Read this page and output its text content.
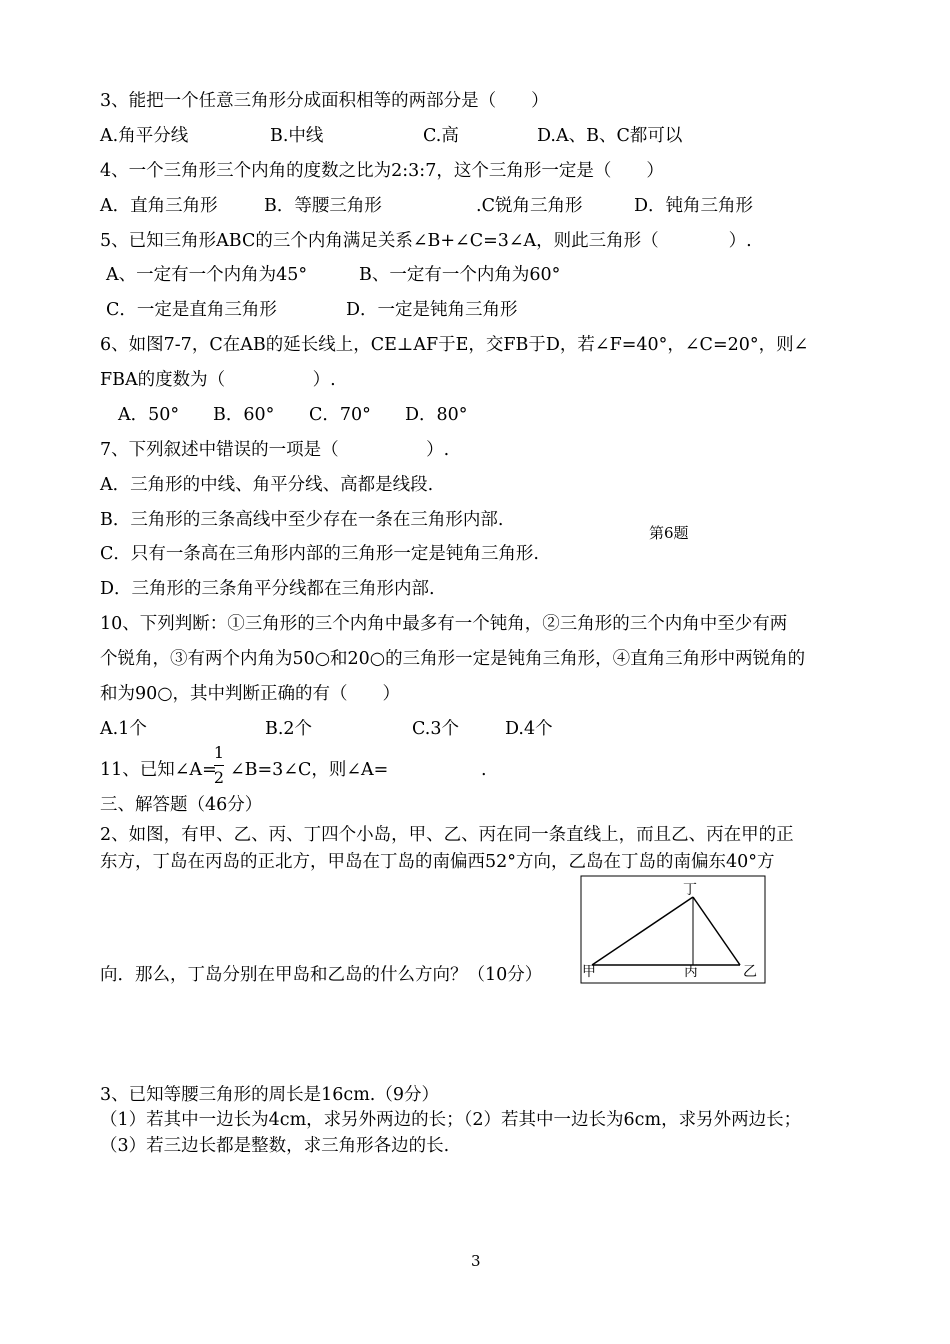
3、能把一个任意三角形分成面积相等的两部分是（　　）
A.角平分线	B.中线	C.高	D.A、B、C都可以
4、一个三角形三个内角的度数之比为2:3:7，这个三角形一定是（　　）
A．直角三角形	B．等腰三角形	.C锐角三角形	D．钝角三角形
5、已知三角形ABC的三个内角满足关系∠B+∠C=3∠A，则此三角形（　　　　）.
A、一定有一个内角为45°	B、一定有一个内角为60°
C．一定是直角三角形	D．一定是钝角三角形
6、如图7-7，C在AB的延长线上，CE⊥AF于E，交FB于D，若∠F=40°，∠C=20°，则∠
FBA的度数为（　　　　　）.
A．50° B．60° C．70° D．80°
7、下列叙述中错误的一项是（　　　　　）.
A．三角形的中线、角平分线、高都是线段.
B．三角形的三条高线中至少存在一条在三角形内部.
第6题
C．只有一条高在三角形内部的三角形一定是钝角三角形.
D．三角形的三条角平分线都在三角形内部.
10、下列判断：①三角形的三个内角中最多有一个钝角，②三角形的三个内角中至少有两
个锐角，③有两个内角为50○和20○的三角形一定是钝角三角形，④直角三角形中两锐角的
和为90○，其中判断正确的有（　　）
A.1个	B.2个	C.3个	D.4个
11、已知∠A=
1
2 ∠B=3∠C，则∠A=	.
三、解答题（46分）
2、如图，有甲、乙、丙、丁四个小岛，甲、乙、丙在同一条直线上，而且乙、丙在甲的正
东方，丁岛在丙岛的正北方，甲岛在丁岛的南偏西52°方向，乙岛在丁岛的南偏东40°方
向．那么，丁岛分别在甲岛和乙岛的什么方向？（10分）
丁
甲	丙	乙
3、已知等腰三角形的周长是16cm.（9分）
（1）若其中一边长为4cm，求另外两边的长；（2）若其中一边长为6cm，求另外两边长；
（3）若三边长都是整数，求三角形各边的长.
3
